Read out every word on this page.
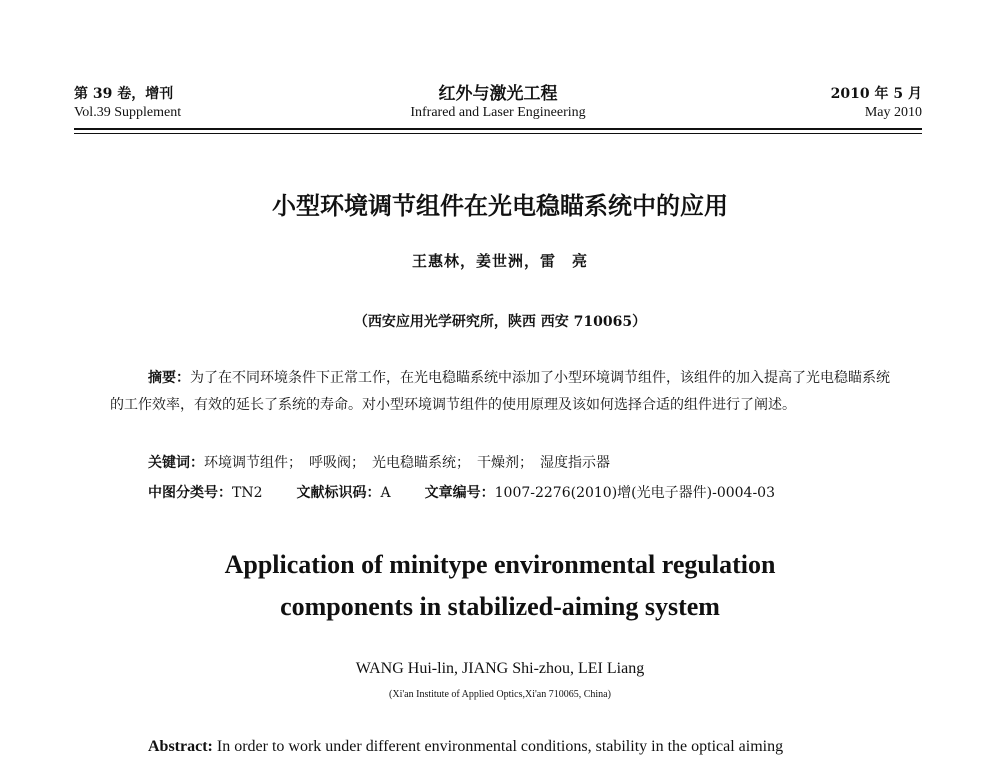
第 39 卷，增刊
Vol.39 Supplement
红外与激光工程
Infrared and Laser Engineering
2010 年 5 月
May 2010
小型环境调节组件在光电稳瞄系统中的应用
王惠林，姜世洲，雷　亮
（西安应用光学研究所，陕西 西安 710065）
摘要：为了在不同环境条件下正常工作，在光电稳瞄系统中添加了小型环境调节组件，该组件的加入提高了光电稳瞄系统的工作效率，有效的延长了系统的寿命。对小型环境调节组件的使用原理及该如何选择合适的组件进行了阐述。
关键词：环境调节组件；　呼吸阀；　光电稳瞄系统；　干燥剂；　湿度指示器
中图分类号：TN2 文献标识码：A 文章编号：1007-2276(2010)增(光电子器件)-0004-03
Application of minitype environmental regulation
components in stabilized-aiming system
WANG Hui-lin, JIANG Shi-zhou, LEI Liang
(Xi'an Institute of Applied Optics,Xi'an 710065, China)
Abstract: In order to work under different environmental conditions, stability in the optical aiming
